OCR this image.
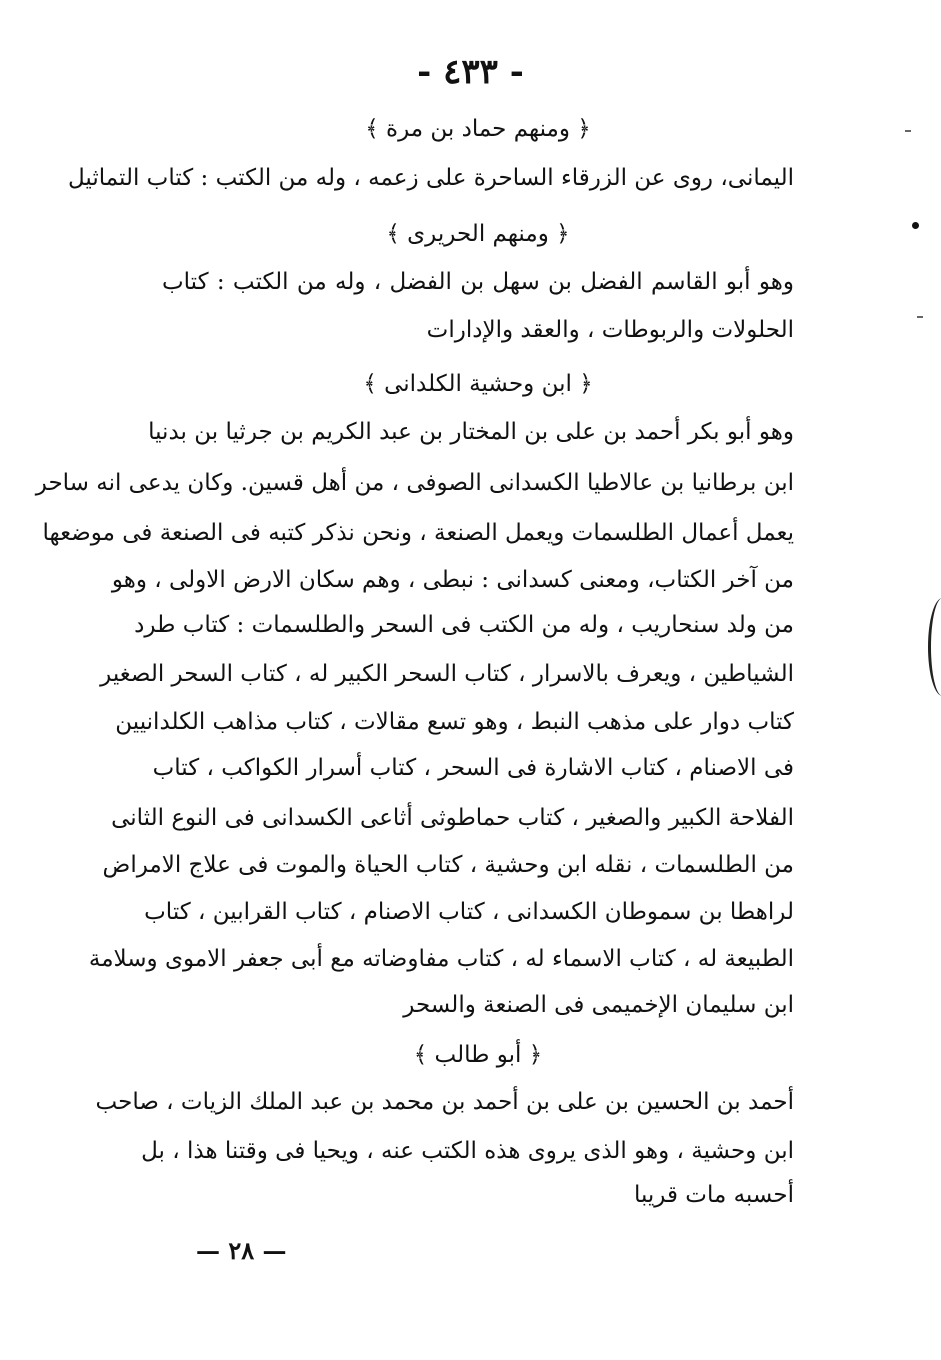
- ٤٣٣ -
﴿ ومنهم حماد بن مرة ﴾
اليمانى، روى عن الزرقاء الساحرة على زعمه ، وله من الكتب : كتاب التماثيل
﴿ ومنهم الحريرى ﴾
وهو أبو القاسم الفضل بن سهل بن الفضل ، وله من الكتب : كتاب
الحلولات والربوطات ، والعقد والإدارات
﴿ ابن وحشية الكلدانى ﴾
وهو أبو بكر أحمد بن على بن المختار بن عبد الكريم بن جرثيا بن بدنيا
ابن برطانيا بن عالاطيا الكسدانى الصوفى ، من أهل قسين. وكان يدعى انه ساحر
يعمل أعمال الطلسمات ويعمل الصنعة ، ونحن نذكر كتبه فى الصنعة فى موضعها
من آخر الكتاب، ومعنى كسدانى : نبطى ، وهم سكان الارض الاولى ، وهو
من ولد سنحاريب ، وله من الكتب فى السحر والطلسمات : كتاب طرد
الشياطين ، ويعرف بالاسرار ، كتاب السحر الكبير له ، كتاب السحر الصغير
كتاب دوار على مذهب النبط ، وهو تسع مقالات ، كتاب مذاهب الكلدانيين
فى الاصنام ، كتاب الاشارة فى السحر ، كتاب أسرار الكواكب ، كتاب
الفلاحة الكبير والصغير ، كتاب حماطوثى أثاعى الكسدانى فى النوع الثانى
من الطلسمات ، نقله ابن وحشية ، كتاب الحياة والموت فى علاج الامراض
لراهطا بن سموطان الكسدانى ، كتاب الاصنام ، كتاب القرابين ، كتاب
الطبيعة له ، كتاب الاسماء له ، كتاب مفاوضاته مع أبى جعفر الاموى وسلامة
ابن سليمان الإخميمى فى الصنعة والسحر
﴿ أبو طالب ﴾
أحمد بن الحسين بن على بن أحمد بن محمد بن عبد الملك الزيات ، صاحب
ابن وحشية ، وهو الذى يروى هذه الكتب عنه ، ويحيا فى وقتنا هذا ، بل
أحسبه مات قريبا
— ٢٨ —
